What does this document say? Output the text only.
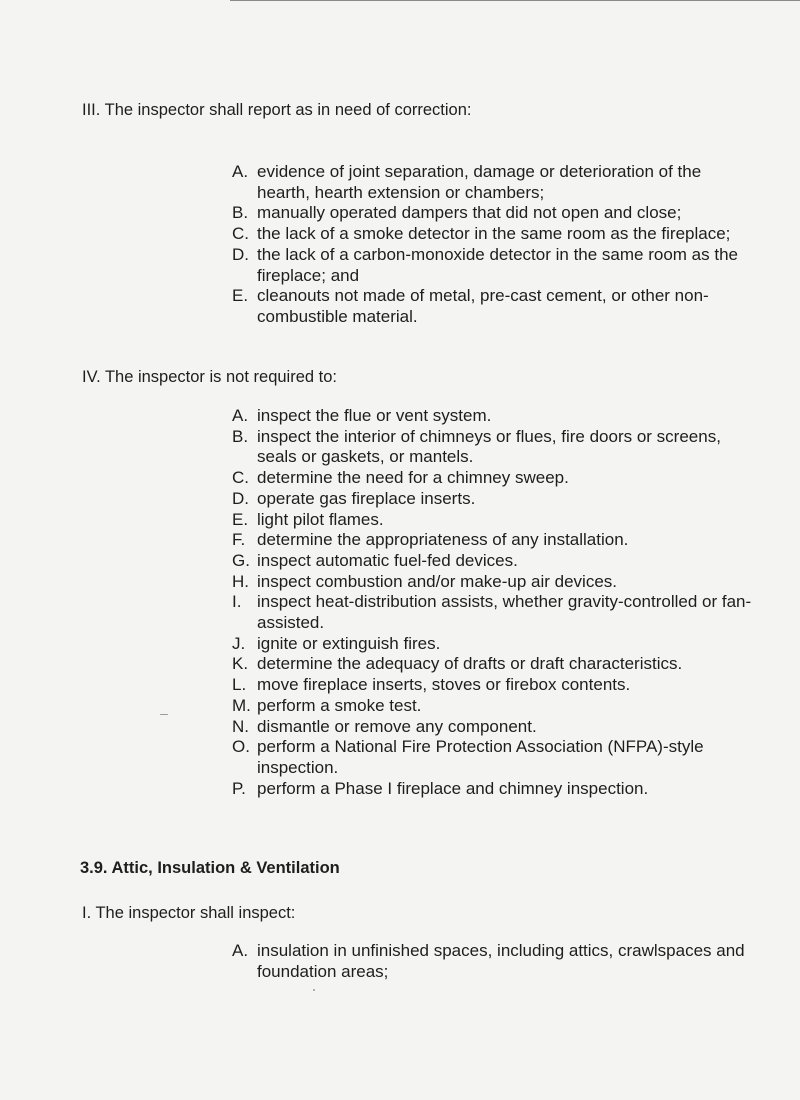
III. The inspector shall report as in need of correction:

A. evidence of joint separation, damage or deterioration of the hearth, hearth extension or chambers;
B. manually operated dampers that did not open and close;
C. the lack of a smoke detector in the same room as the fireplace;
D. the lack of a carbon-monoxide detector in the same room as the fireplace; and
E. cleanouts not made of metal, pre-cast cement, or other non-combustible material.

IV. The inspector is not required to:

A. inspect the flue or vent system.
B. inspect the interior of chimneys or flues, fire doors or screens, seals or gaskets, or mantels.
C. determine the need for a chimney sweep.
D. operate gas fireplace inserts.
E. light pilot flames.
F. determine the appropriateness of any installation.
G. inspect automatic fuel-fed devices.
H. inspect combustion and/or make-up air devices.
I. inspect heat-distribution assists, whether gravity-controlled or fan-assisted.
J. ignite or extinguish fires.
K. determine the adequacy of drafts or draft characteristics.
L. move fireplace inserts, stoves or firebox contents.
M. perform a smoke test.
N. dismantle or remove any component.
O. perform a National Fire Protection Association (NFPA)-style inspection.
P. perform a Phase I fireplace and chimney inspection.
3.9. Attic, Insulation & Ventilation

I. The inspector shall inspect:

A. insulation in unfinished spaces, including attics, crawlspaces and foundation areas;
